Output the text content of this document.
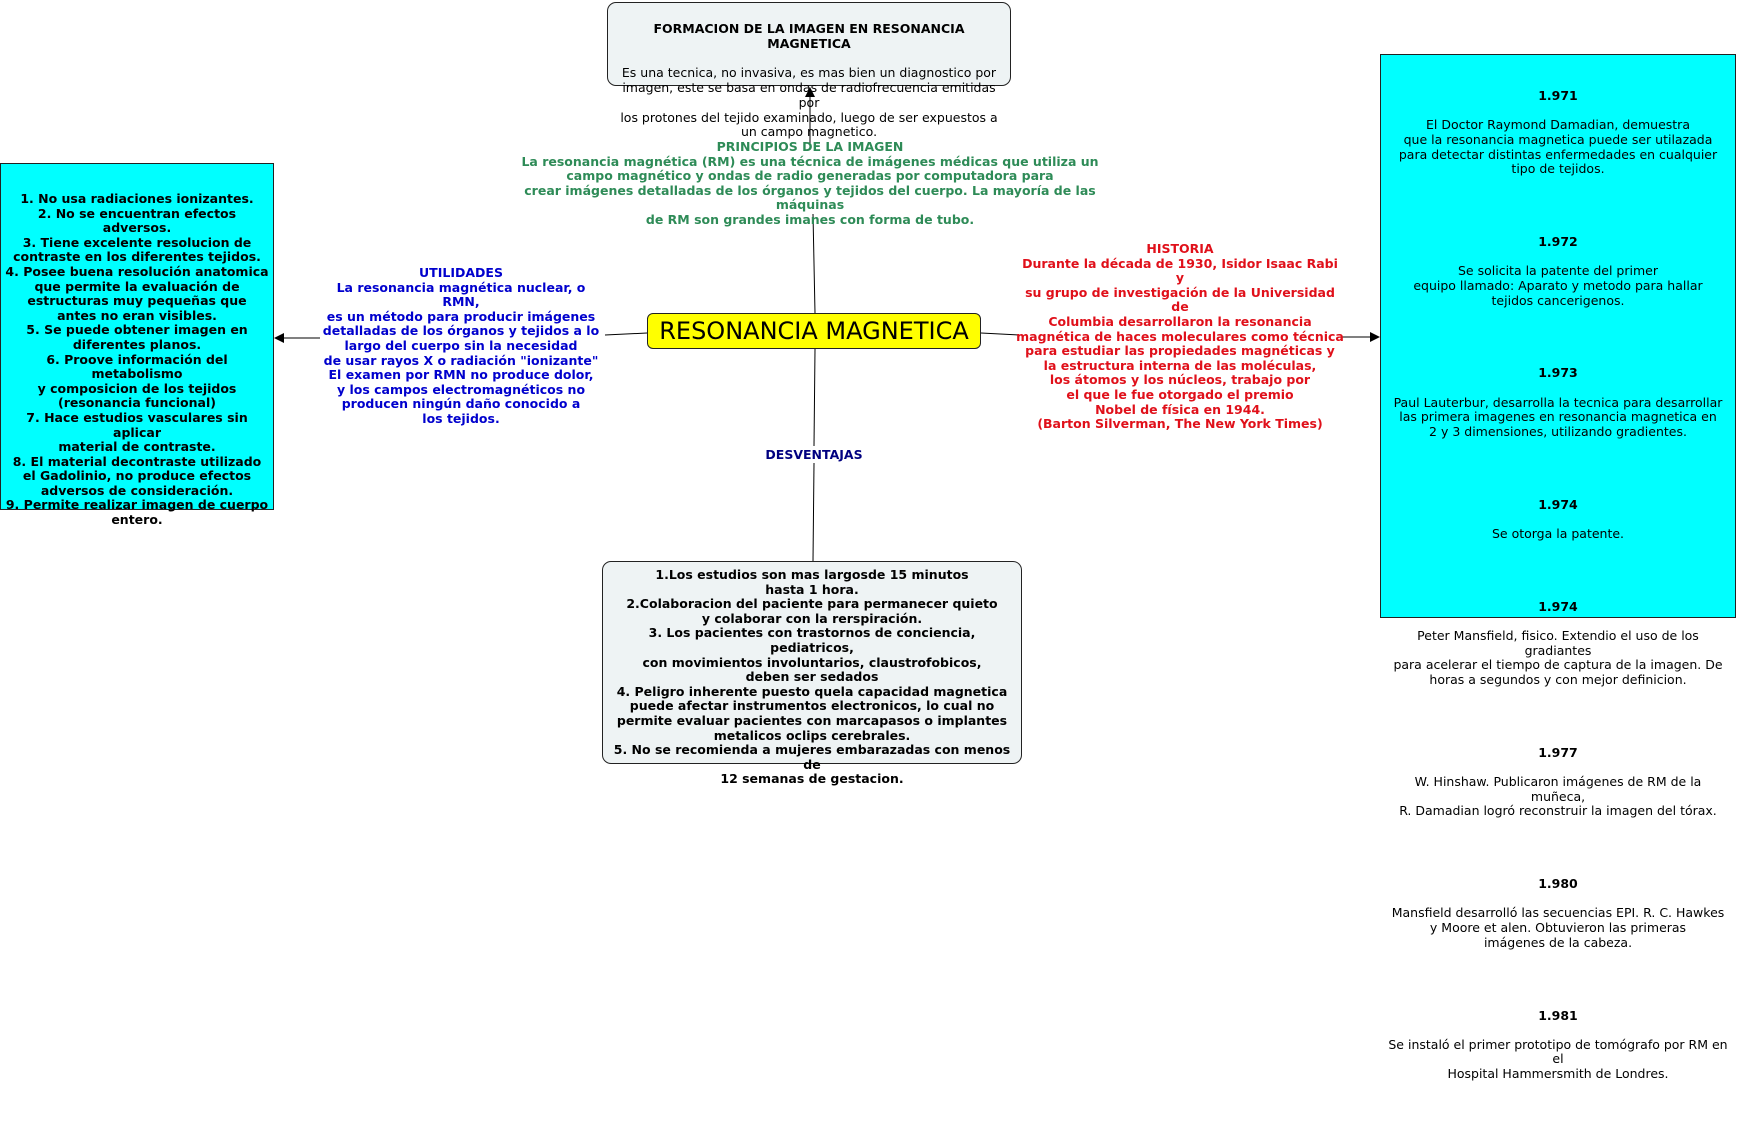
FORMACION DE LA IMAGEN EN RESONANCIA MAGNETICA

Es una tecnica, no invasiva, es mas bien un diagnostico por
imagen, este se basa en ondas de radiofrecuencia emitidas por
los protones del tejido examinado, luego de ser expuestos a
un campo magnetico.

PRINCIPIOS DE LA IMAGEN
La resonancia magnética (RM) es una técnica de imágenes médicas que utiliza un
campo magnético y ondas de radio generadas por computadora para
crear imágenes detalladas de los órganos y tejidos del cuerpo. La mayoría de las máquinas
de RM son grandes imanes con forma de tubo.
RESONANCIA MAGNETICA
UTILIDADES
La resonancia magnética nuclear, o RMN,
es un método para producir imágenes
detalladas de los órganos y tejidos a lo
largo del cuerpo sin la necesidad
de usar rayos X o radiación "ionizante"
El examen por RMN no produce dolor,
y los campos electromagnéticos no
producen ningún daño conocido a
los tejidos.
HISTORIA
Durante la década de 1930, Isidor Isaac Rabi y
su grupo de investigación de la Universidad de
Columbia desarrollaron la resonancia
magnética de haces moleculares como técnica
para estudiar las propiedades magnéticas y
la estructura interna de las moléculas,
los átomos y los núcleos, trabajo por
el que le fue otorgado el premio
Nobel de física en 1944.
(Barton Silverman, The New York Times)
1. No usa radiaciones ionizantes.
2. No se encuentran efectos adversos.
3. Tiene excelente resolucion de
contraste en los diferentes tejidos.
4. Posee buena resolución anatomica
que permite la evaluación de
estructuras muy pequeñas que
antes no eran visibles.
5. Se puede obtener imagen en
diferentes planos.
6. Proove información del metabolismo
y composicion de los tejidos
(resonancia funcional)
7. Hace estudios vasculares sin aplicar
material de contraste.
8. El material decontraste utilizado
el Gadolinio, no produce efectos
adversos de consideración.
9. Permite realizar imagen de cuerpo
entero.

1.971

El Doctor Raymond Damadian, demuestra
que la resonancia magnetica puede ser utilazada
para detectar distintas enfermedades en cualquier
tipo de tejidos.

1.972

Se solicita la patente del primer
equipo llamado: Aparato y metodo para hallar
tejidos cancerigenos.

1.973

Paul Lauterbur, desarrolla la tecnica para desarrollar
las primera imagenes en resonancia magnetica en
2 y 3 dimensiones, utilizando gradientes.

1.974

Se otorga la patente.

1.974

Peter Mansfield, fisico. Extendio el uso de los gradiantes
para acelerar el tiempo de captura de la imagen. De
horas a segundos y con mejor definicion.

1.977

W. Hinshaw. Publicaron imágenes de RM de la muñeca,
R. Damadian logró reconstruir la imagen del tórax.

1.980

Mansfield desarrolló las secuencias EPI. R. C. Hawkes
y Moore et alen. Obtuvieron las primeras
imágenes de la cabeza.

1.981

Se instaló el primer prototipo de tomógrafo por RM en el
Hospital Hammersmith de Londres.

DESVENTAJAS
1.Los estudios son mas largosde 15 minutos
hasta 1 hora.
2.Colaboracion del paciente para permanecer quieto
y colaborar con la rerspiración.
3. Los pacientes con trastornos de conciencia, pediatricos,
con movimientos involuntarios, claustrofobicos,
deben ser sedados
4. Peligro inherente puesto quela capacidad magnetica
puede afectar instrumentos electronicos, lo cual no
permite evaluar pacientes con marcapasos o implantes
metalicos oclips cerebrales.
5. No se recomienda a mujeres embarazadas con menos de
12 semanas de gestacion.
